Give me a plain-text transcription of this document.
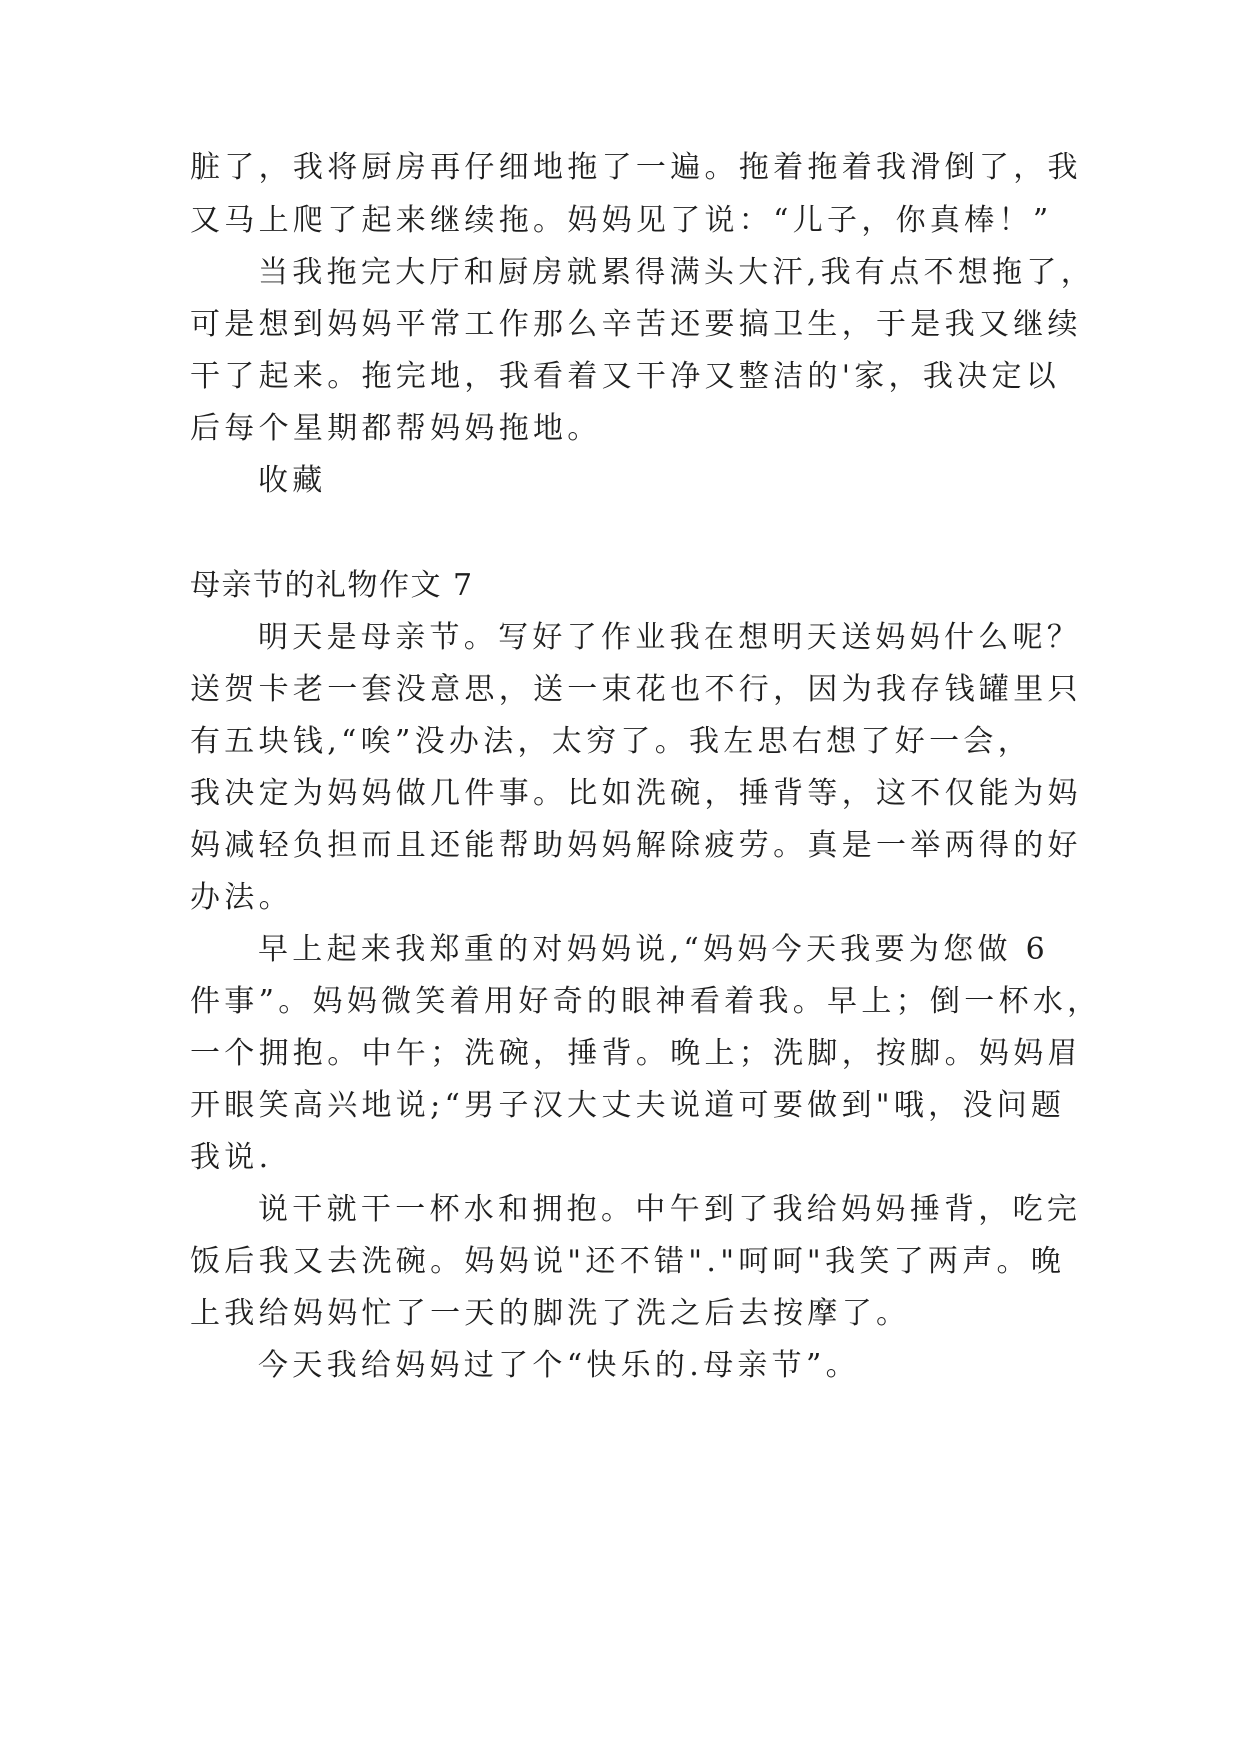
脏了，我将厨房再仔细地拖了一遍。拖着拖着我滑倒了，我
又马上爬了起来继续拖。妈妈见了说：“儿子，你真棒！”
当我拖完大厅和厨房就累得满头大汗,我有点不想拖了，
可是想到妈妈平常工作那么辛苦还要搞卫生，于是我又继续
干了起来。拖完地，我看着又干净又整洁的'家，我决定以
后每个星期都帮妈妈拖地。
收藏
母亲节的礼物作文 7
明天是母亲节。写好了作业我在想明天送妈妈什么呢？
送贺卡老一套没意思，送一束花也不行，因为我存钱罐里只
有五块钱,“唉”没办法，太穷了。我左思右想了好一会，
我决定为妈妈做几件事。比如洗碗，捶背等，这不仅能为妈
妈减轻负担而且还能帮助妈妈解除疲劳。真是一举两得的好
办法。
早上起来我郑重的对妈妈说,“妈妈今天我要为您做 6
件事”。妈妈微笑着用好奇的眼神看着我。早上；倒一杯水，
一个拥抱。中午；洗碗，捶背。晚上；洗脚，按脚。妈妈眉
开眼笑高兴地说;“男子汉大丈夫说道可要做到"哦，没问题
我说.
说干就干一杯水和拥抱。中午到了我给妈妈捶背，吃完
饭后我又去洗碗。妈妈说"还不错"."呵呵"我笑了两声。晚
上我给妈妈忙了一天的脚洗了洗之后去按摩了。
今天我给妈妈过了个“快乐的.母亲节”。
